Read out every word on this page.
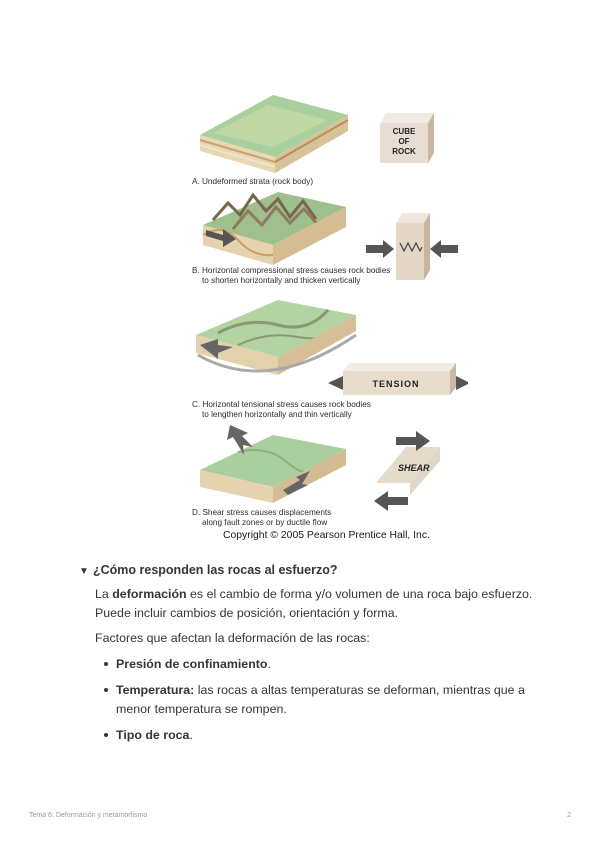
CUBE
OF
ROCK
A. Undeformed strata (rock body)
B. Horizontal compressional stress causes rock bodies
to shorten horizontally and thicken vertically
TENSION
C. Horizontal tensional stress causes rock bodies
to lengthen horizontally and thin vertically
SHEAR
D. Shear stress causes displacements
along fault zones or by ductile flow
Copyright © 2005 Pearson Prentice Hall, Inc.
▼ ¿Cómo responden las rocas al esfuerzo?

La deformación es el cambio de forma y/o volumen de una roca bajo esfuerzo. Puede incluir cambios de posición, orientación y forma.

Factores que afectan la deformación de las rocas:

Presión de confinamiento.
Temperatura: las rocas a altas temperaturas se deforman, mientras que a menor temperatura se rompen.
Tipo de roca.
Tema 6: Deformación y metamorfismo	2
